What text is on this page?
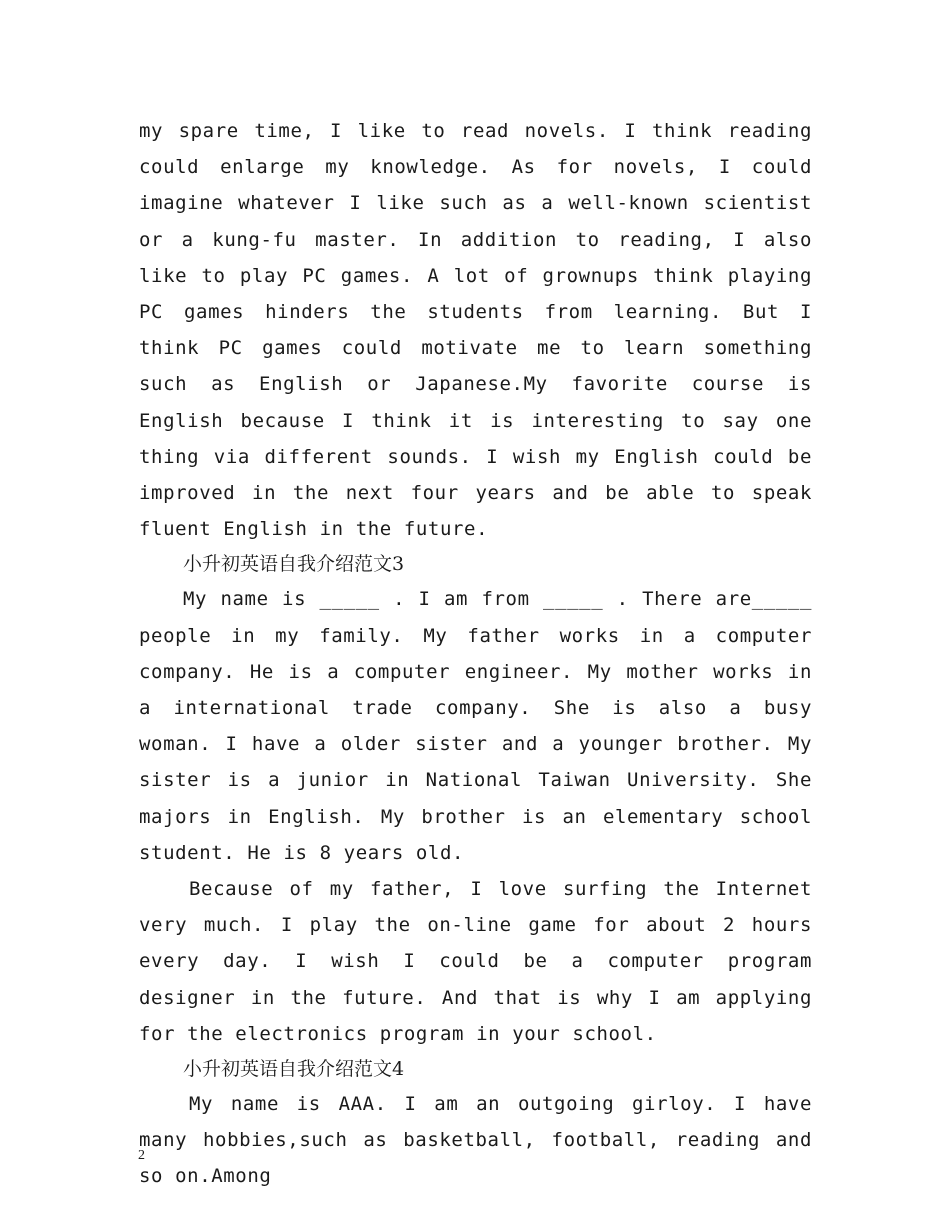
my spare time, I like to read novels. I think reading could enlarge my knowledge. As for novels, I could imagine whatever I like such as a well-known scientist or a kung-fu master. In addition to reading, I also like to play PC games. A lot of grownups think playing PC games hinders the students from learning. But I think PC games could motivate me to learn something such as English or Japanese.My favorite course is English because I think it is interesting to say one thing via different sounds. I wish my English could be improved in the next four years and be able to speak fluent English in the future.

小升初英语自我介绍范文3

My name is _____ . I am from _____ . There are_____ people in my family. My father works in a computer company. He is a computer engineer. My mother works in a international trade company. She is also a busy woman. I have a older sister and a younger brother. My sister is a junior in National Taiwan University. She majors in English. My brother is an elementary school student. He is 8 years old.

Because of my father, I love surfing the Internet very much. I play the on-line game for about 2 hours every day. I wish I could be a computer program designer in the future. And that is why I am applying for the electronics program in your school.

小升初英语自我介绍范文4

My name is AAA. I am an outgoing girloy. I have many hobbies,such as basketball, football, reading and so on.Among

2
